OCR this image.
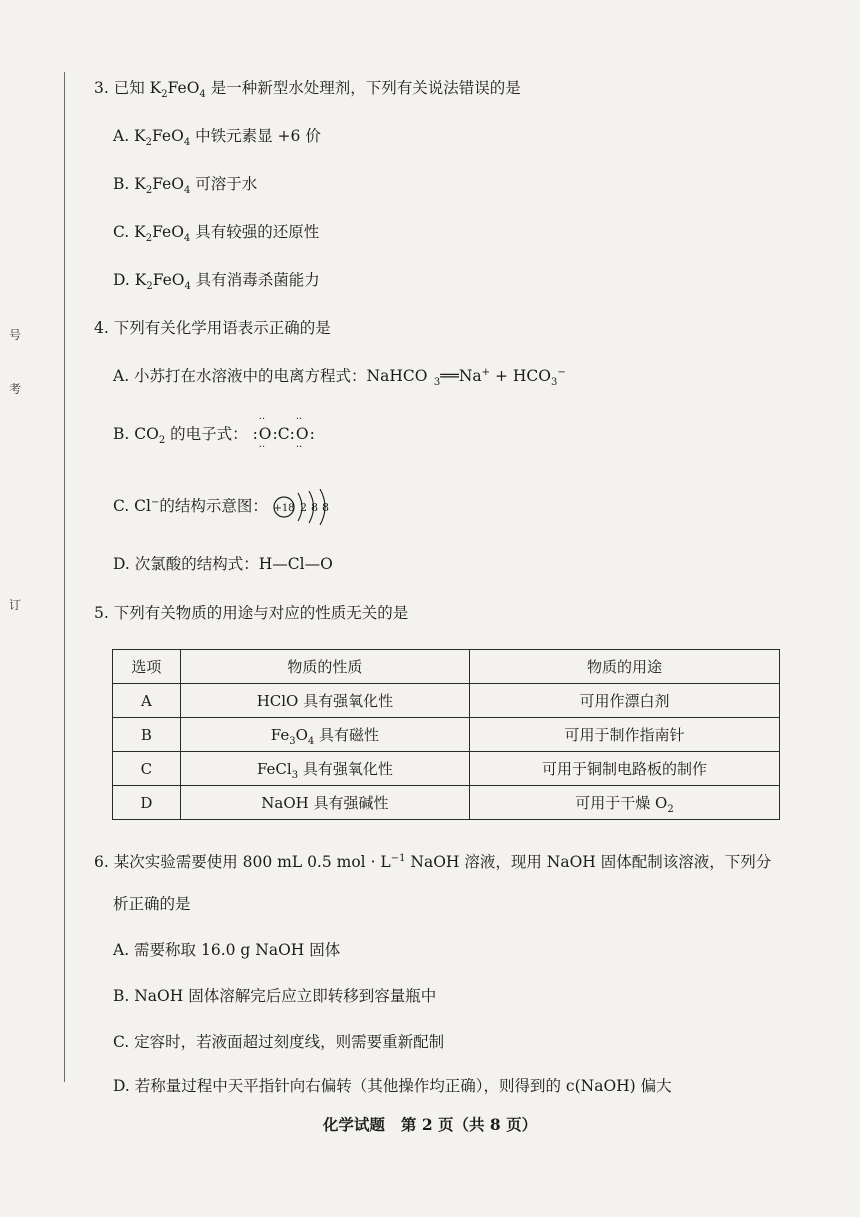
号
考
订
3. 已知 $K_2FeO_4$ 是一种新型水处理剂，下列有关说法错误的是
A. $K_2FeO_4$ 中铁元素显 +6 价
B. $K_2FeO_4$ 可溶于水
C. $K_2FeO_4$ 具有较强的还原性
D. $K_2FeO_4$ 具有消毒杀菌能力
4. 下列有关化学用语表示正确的是
A. 小苏打在水溶液中的电离方程式：NaHCO $_3$══Na+ + $HCO_3^-$
B. $CO_2$ 的电子式： :·· O ··:C:·· O ··:
C. Cl−的结构示意图： +18 2 8 8
D. 次氯酸的结构式：H—Cl—O
5. 下列有关物质的用途与对应的性质无关的是
选项	物质的性质	物质的用途
A	HClO 具有强氧化性	可用作漂白剂
B	$Fe_3O_4$ 具有磁性	可用于制作指南针
C	FeCl$_3$ 具有强氧化性	可用于铜制电路板的制作
D	NaOH 具有强碱性	可用于干燥 $O_2$
6. 某次实验需要使用 800 mL 0.5 mol · $L^{-1}$ NaOH 溶液，现用 NaOH 固体配制该溶液，下列分
析正确的是
A. 需要称取 16.0 g NaOH 固体
B. NaOH 固体溶解完后应立即转移到容量瓶中
C. 定容时，若液面超过刻度线，则需要重新配制
D. 若称量过程中天平指针向右偏转（其他操作均正确），则得到的 c(NaOH) 偏大
化学试题 第 2 页（共 8 页）
